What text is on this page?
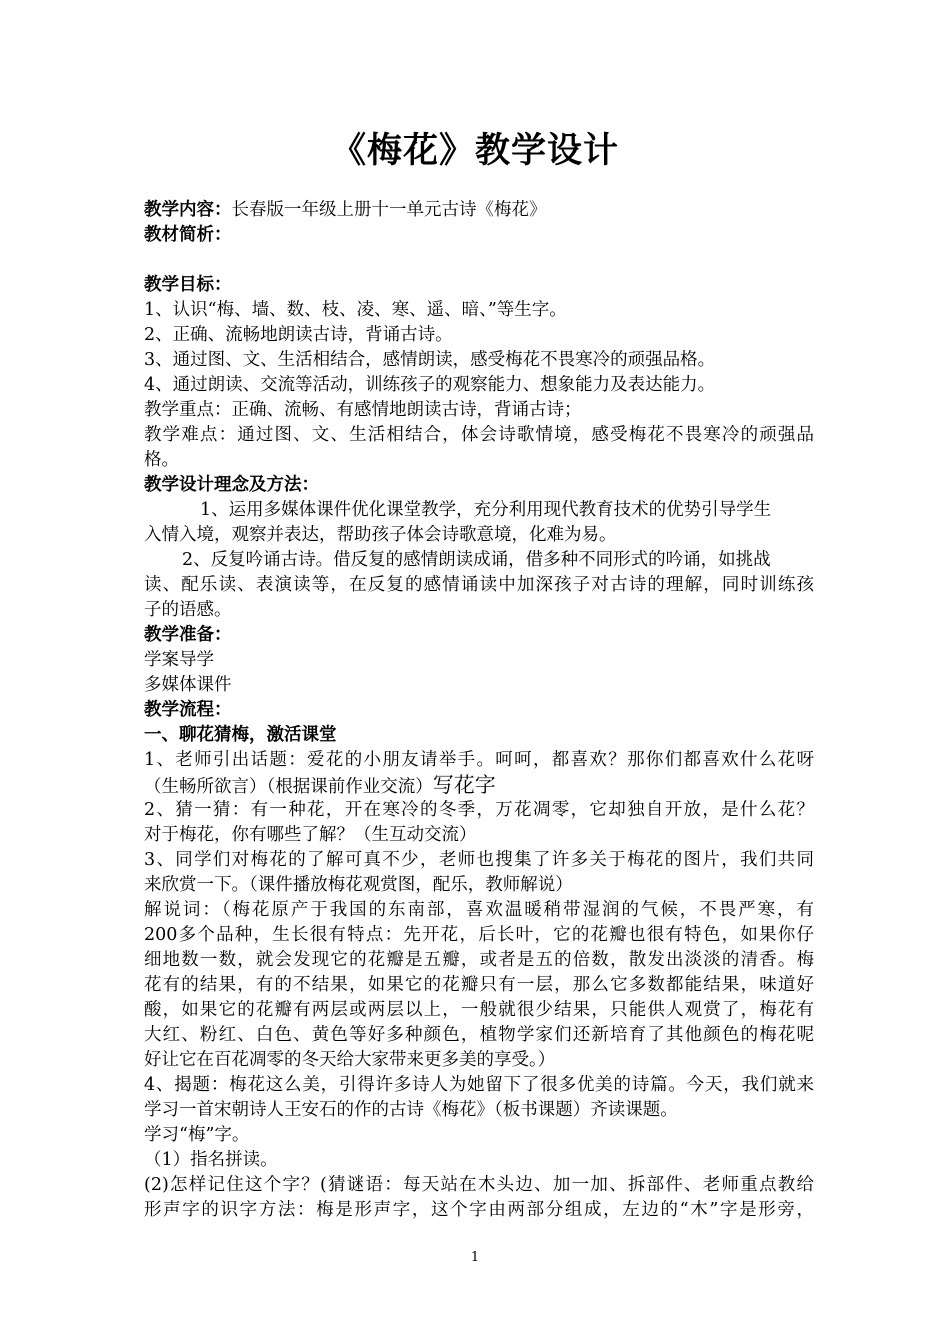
《梅花》教学设计
教学内容：长春版一年级上册十一单元古诗《梅花》
教材简析：
教学目标：
1、认识“梅、墙、数、枝、凌、寒、遥、暗、”等生字。
2、正确、流畅地朗读古诗，背诵古诗。
3、通过图、文、生活相结合，感情朗读，感受梅花不畏寒冷的顽强品格。
4、通过朗读、交流等活动，训练孩子的观察能力、想象能力及表达能力。
教学重点：正确、流畅、有感情地朗读古诗，背诵古诗；
教学难点：通过图、文、生活相结合，体会诗歌情境，感受梅花不畏寒冷的顽强品
格。
教学设计理念及方法：
1、运用多媒体课件优化课堂教学，充分利用现代教育技术的优势引导学生
入情入境，观察并表达，帮助孩子体会诗歌意境，化难为易。
2、反复吟诵古诗。借反复的感情朗读成诵，借多种不同形式的吟诵，如挑战
读、配乐读、表演读等，在反复的感情诵读中加深孩子对古诗的理解，同时训练孩
子的语感。
教学准备：
学案导学
多媒体课件
教学流程：
一、聊花猜梅，激活课堂
1、老师引出话题：爱花的小朋友请举手。呵呵，都喜欢？那你们都喜欢什么花呀
（生畅所欲言）（根据课前作业交流）写花字
2、猜一猜：有一种花，开在寒冷的冬季，万花凋零，它却独自开放，是什么花？
对于梅花，你有哪些了解？（生互动交流）
3、同学们对梅花的了解可真不少，老师也搜集了许多关于梅花的图片，我们共同
来欣赏一下。（课件播放梅花观赏图，配乐，教师解说）
解说词：（梅花原产于我国的东南部，喜欢温暖稍带湿润的气候，不畏严寒，有
200多个品种，生长很有特点：先开花，后长叶，它的花瓣也很有特色，如果你仔
细地数一数，就会发现它的花瓣是五瓣，或者是五的倍数，散发出淡淡的清香。梅
花有的结果，有的不结果，如果它的花瓣只有一层，那么它多数都能结果，味道好
酸，如果它的花瓣有两层或两层以上，一般就很少结果，只能供人观赏了，梅花有
大红、粉红、白色、黄色等好多种颜色，植物学家们还新培育了其他颜色的梅花呢
好让它在百花凋零的冬天给大家带来更多美的享受。）
4、揭题：梅花这么美，引得许多诗人为她留下了很多优美的诗篇。今天，我们就来
学习一首宋朝诗人王安石的作的古诗《梅花》（板书课题）齐读课题。
学习“梅”字。
（1）指名拼读。
(2)怎样记住这个字？(猜谜语：每天站在木头边、加一加、拆部件、老师重点教给
形声字的识字方法：梅是形声字，这个字由两部分组成，左边的“木”字是形旁，
1
